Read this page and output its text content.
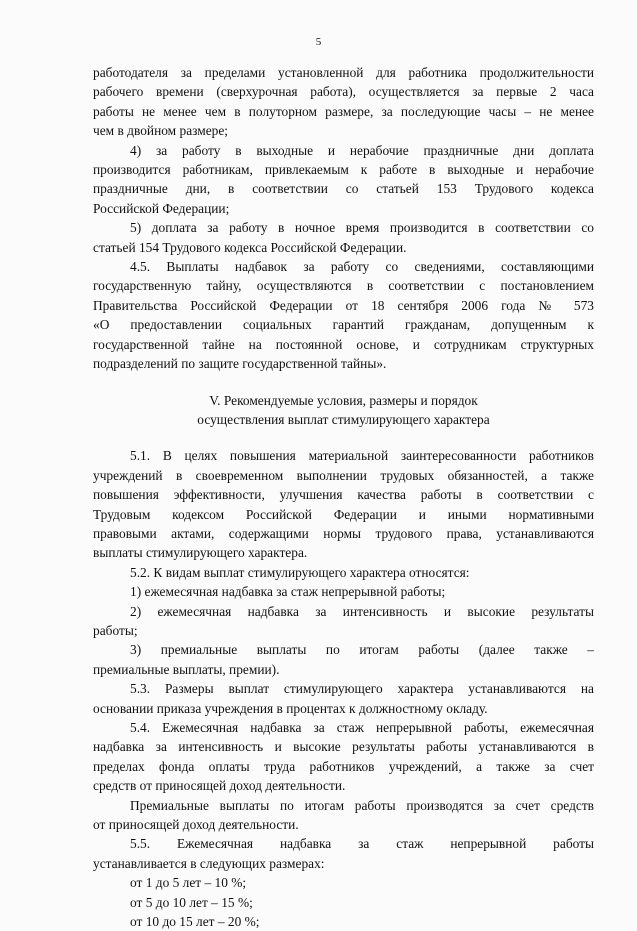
5
работодателя за пределами установленной для работника продолжительности
рабочего времени (сверхурочная работа), осуществляется за первые 2 часа
работы не менее чем в полуторном размере, за последующие часы – не менее
чем в двойном размере;
4) за работу в выходные и нерабочие праздничные дни доплата
производится работникам, привлекаемым к работе в выходные и нерабочие
праздничные дни, в соответствии со статьей 153 Трудового кодекса
Российской Федерации;
5) доплата за работу в ночное время производится в соответствии со
статьей 154 Трудового кодекса Российской Федерации.
4.5. Выплаты надбавок за работу со сведениями, составляющими
государственную тайну, осуществляются в соответствии с постановлением
Правительства Российской Федерации от 18 сентября 2006 года № 573
«О предоставлении социальных гарантий гражданам, допущенным к
государственной тайне на постоянной основе, и сотрудникам структурных
подразделений по защите государственной тайны».
V. Рекомендуемые условия, размеры и порядок
осуществления выплат стимулирующего характера
5.1. В целях повышения материальной заинтересованности работников
учреждений в своевременном выполнении трудовых обязанностей, а также
повышения эффективности, улучшения качества работы в соответствии с
Трудовым кодексом Российской Федерации и иными нормативными
правовыми актами, содержащими нормы трудового права, устанавливаются
выплаты стимулирующего характера.
5.2. К видам выплат стимулирующего характера относятся:
1) ежемесячная надбавка за стаж непрерывной работы;
2) ежемесячная надбавка за интенсивность и высокие результаты
работы;
3) премиальные выплаты по итогам работы (далее также –
премиальные выплаты, премии).
5.3. Размеры выплат стимулирующего характера устанавливаются на
основании приказа учреждения в процентах к должностному окладу.
5.4. Ежемесячная надбавка за стаж непрерывной работы, ежемесячная
надбавка за интенсивность и высокие результаты работы устанавливаются в
пределах фонда оплаты труда работников учреждений, а также за счет
средств от приносящей доход деятельности.
Премиальные выплаты по итогам работы производятся за счет средств
от приносящей доход деятельности.
5.5. Ежемесячная надбавка за стаж непрерывной работы
устанавливается в следующих размерах:
от 1 до 5 лет – 10 %;
от 5 до 10 лет – 15 %;
от 10 до 15 лет – 20 %;
